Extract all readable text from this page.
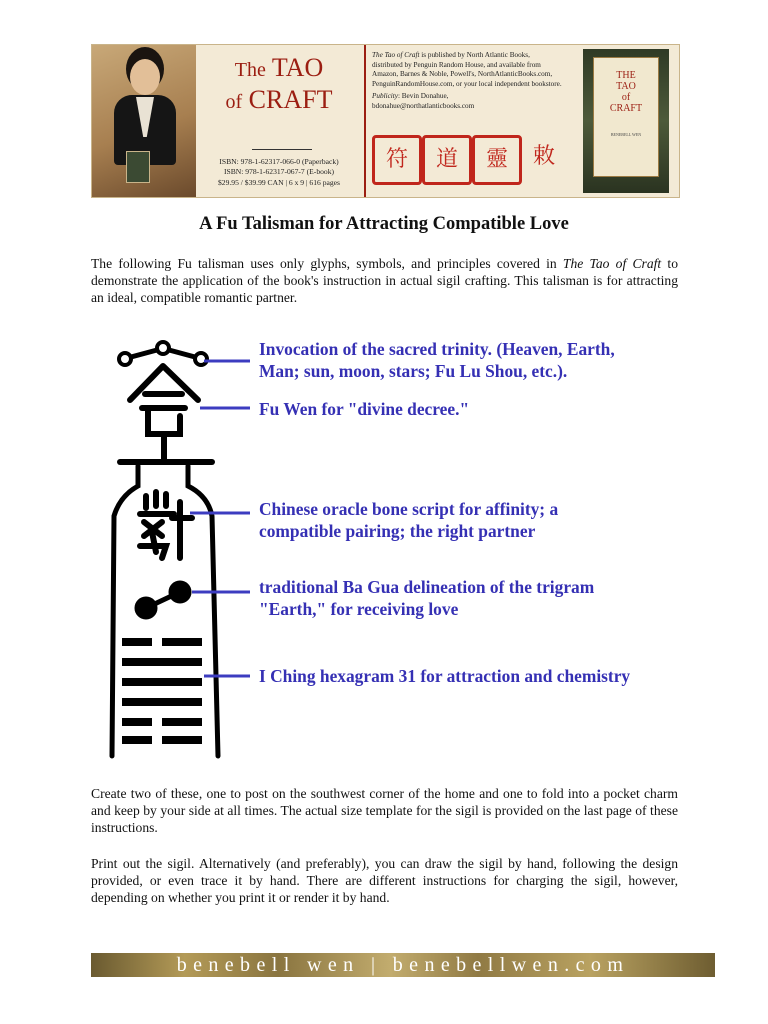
The TAO
of CRAFT
ISBN: 978-1-62317-066-0 (Paperback)
ISBN: 978-1-62317-067-7 (E-book)
$29.95 / $39.99 CAN | 6 x 9 | 616 pages
The Tao of Craft is published by North Atlantic Books, distributed by Penguin Random House, and available from Amazon, Barnes & Noble, Powell's, NorthAtlanticBooks.com, PenguinRandomHouse.com, or your local independent bookstore.
Publicity: Bevin Donahue,
bdonahue@northatlanticbooks.com
符	道	靈	敕
THE
TAO
of
CRAFT
BENEBELL WEN
A Fu Talisman for Attracting Compatible Love

The following Fu talisman uses only glyphs, symbols, and principles covered in The Tao of Craft to demonstrate the application of the book's instruction in actual sigil crafting. This talisman is for attracting an ideal, compatible romantic partner.

Invocation of the sacred trinity. (Heaven, Earth,
Man; sun, moon, stars; Fu Lu Shou, etc.).
Fu Wen for "divine decree."
Chinese oracle bone script for affinity; a
compatible pairing; the right partner
traditional Ba Gua delineation of the trigram
"Earth," for receiving love
I Ching hexagram 31 for attraction and chemistry

Create two of these, one to post on the southwest corner of the home and one to fold into a pocket charm and keep by your side at all times. The actual size template for the sigil is provided on the last page of these instructions.

Print out the sigil. Alternatively (and preferably), you can draw the sigil by hand, following the design provided, or even trace it by hand. There are different instructions for charging the sigil, however, depending on whether you print it or render it by hand.

benebell wen | benebellwen.com
